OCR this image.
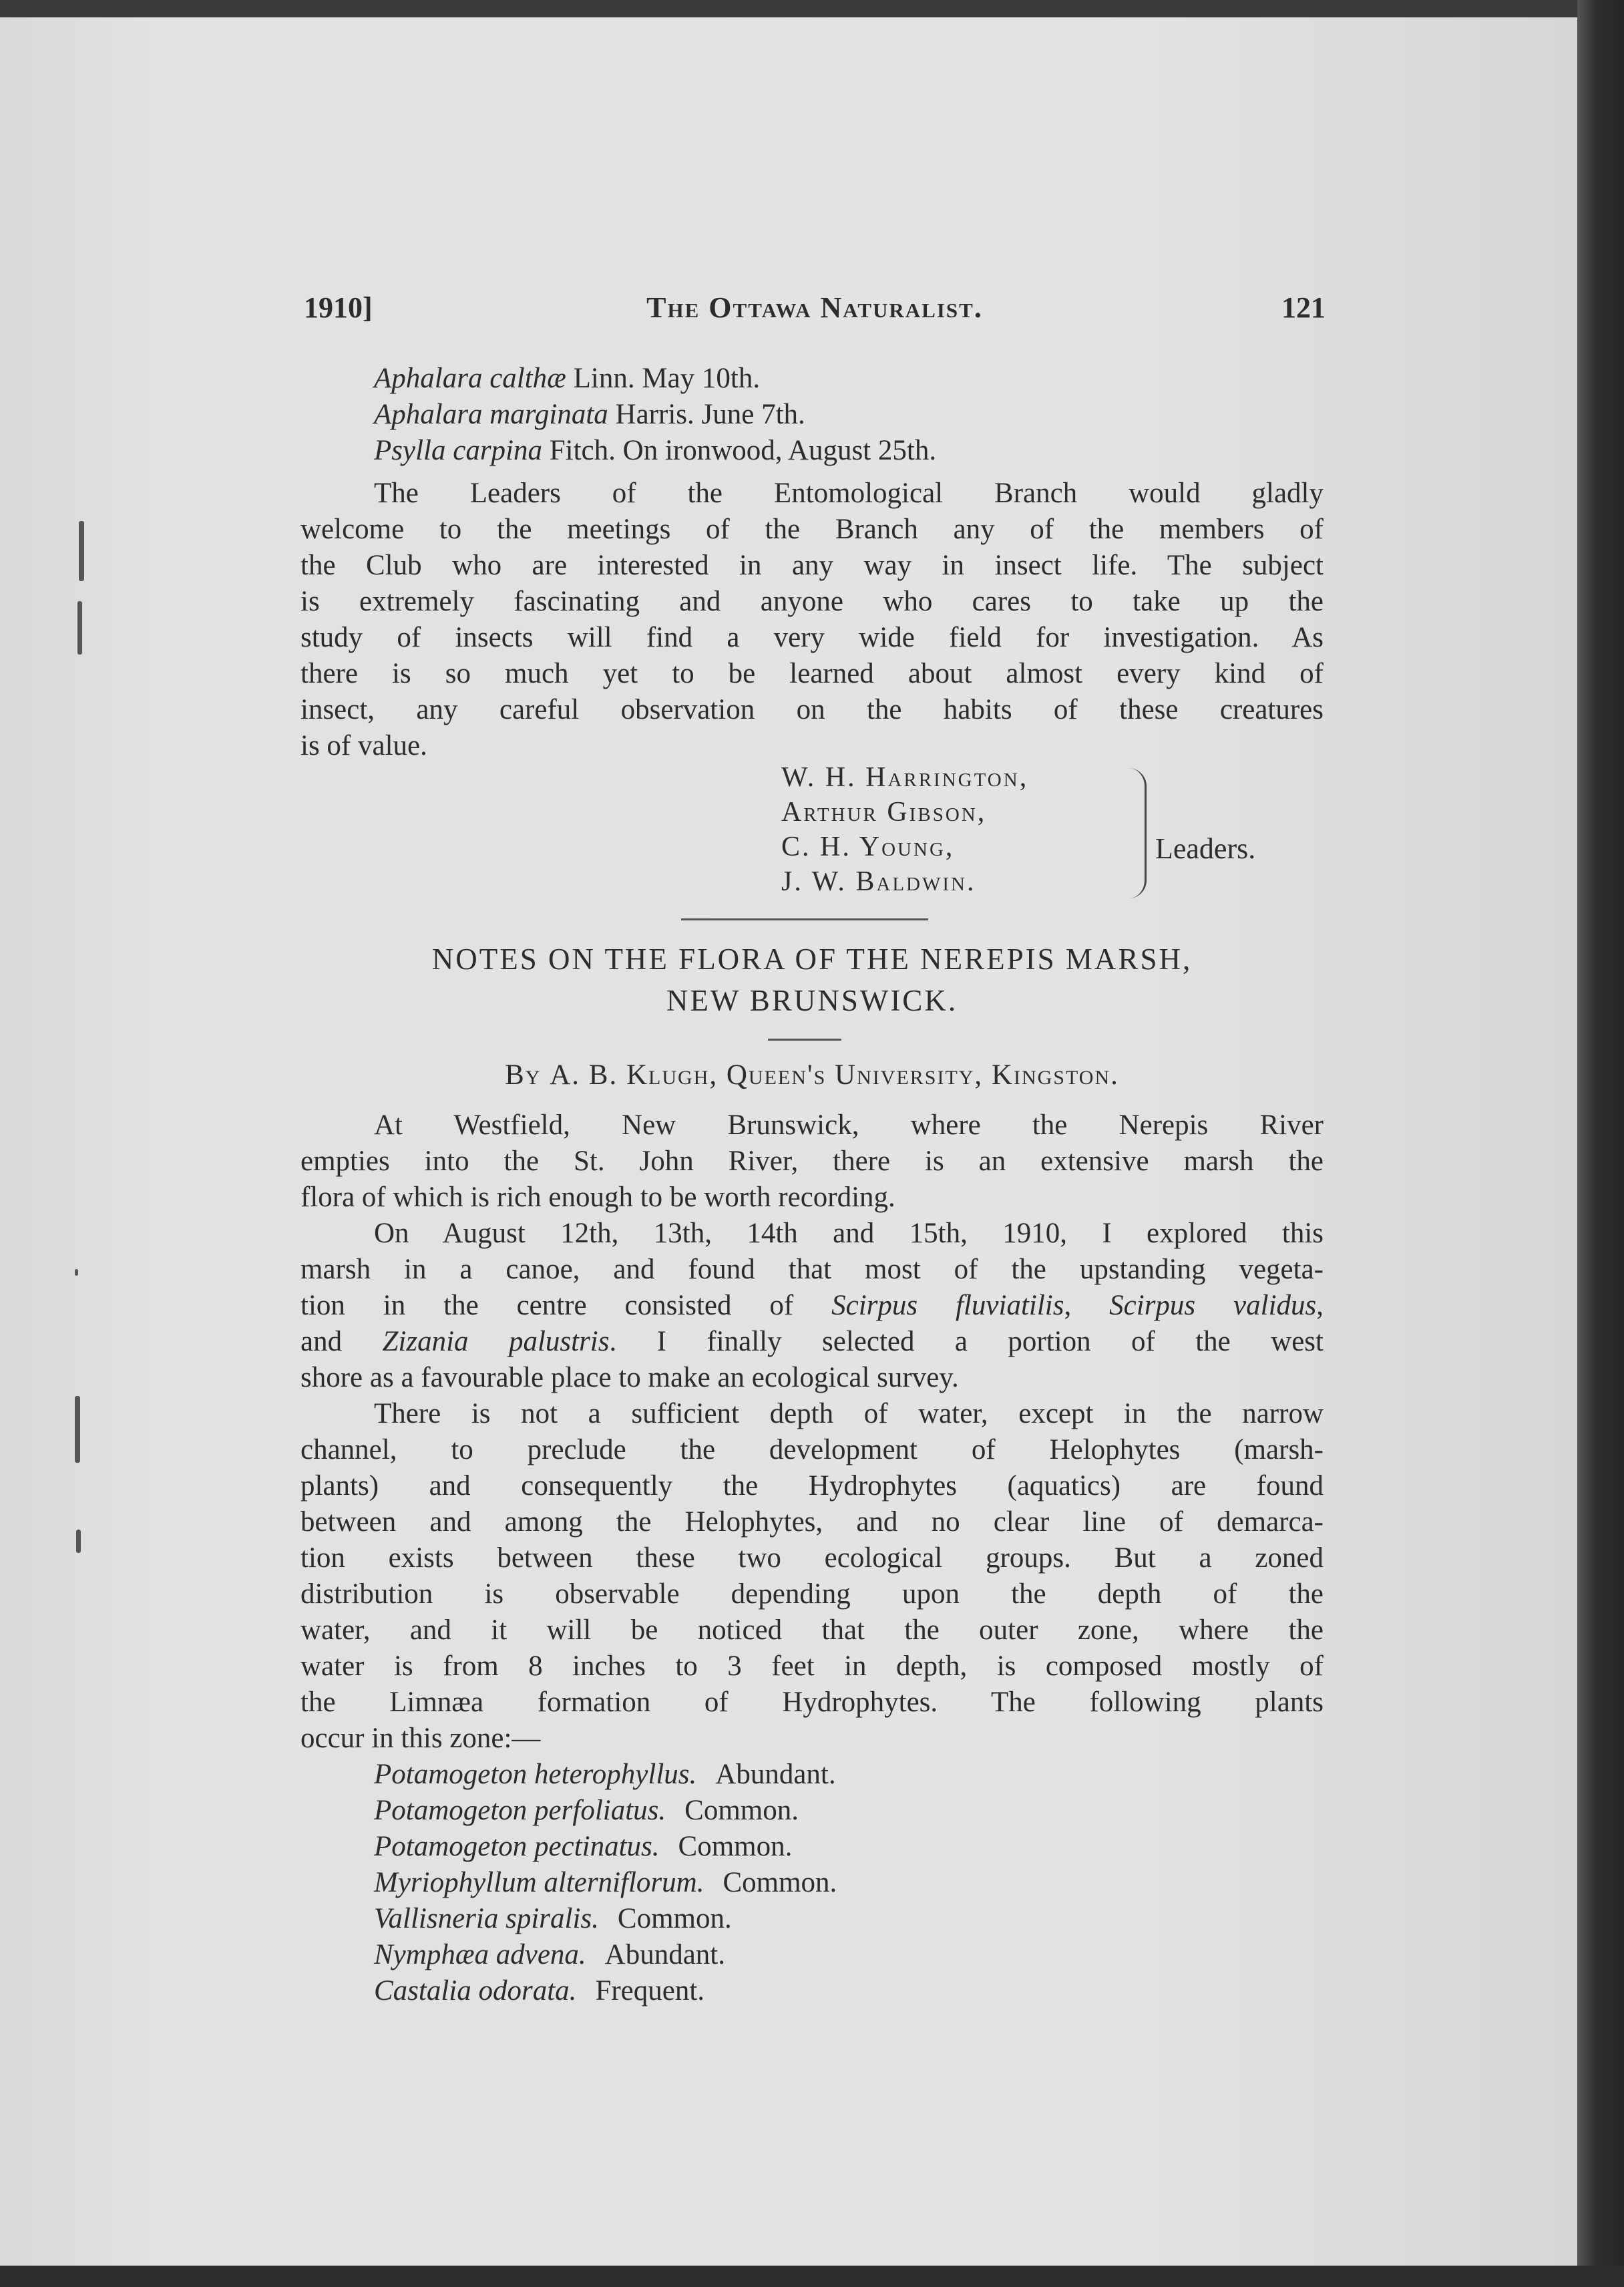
1910]	The Ottawa Naturalist.	121
Aphalara calthæ Linn. May 10th.
Aphalara marginata Harris. June 7th.
Psylla carpina Fitch. On ironwood, August 25th.
The Leaders of the Entomological Branch would gladly
welcome to the meetings of the Branch any of the members of
the Club who are interested in any way in insect life. The subject
is extremely fascinating and anyone who cares to take up the
study of insects will find a very wide field for investigation. As
there is so much yet to be learned about almost every kind of
insect, any careful observation on the habits of these creatures
is of value.
W. H. Harrington,
Arthur Gibson,
C. H. Young,
J. W. Baldwin.
Leaders.
NOTES ON THE FLORA OF THE NEREPIS MARSH,
NEW BRUNSWICK.
By A. B. Klugh, Queen's University, Kingston.
At Westfield, New Brunswick, where the Nerepis River
empties into the St. John River, there is an extensive marsh the
flora of which is rich enough to be worth recording.
On August 12th, 13th, 14th and 15th, 1910, I explored this
marsh in a canoe, and found that most of the upstanding vegeta-
tion in the centre consisted of Scirpus fluviatilis, Scirpus validus,
and Zizania palustris. I finally selected a portion of the west
shore as a favourable place to make an ecological survey.
There is not a sufficient depth of water, except in the narrow
channel, to preclude the development of Helophytes (marsh-
plants) and consequently the Hydrophytes (aquatics) are found
between and among the Helophytes, and no clear line of demarca-
tion exists between these two ecological groups. But a zoned
distribution is observable depending upon the depth of the
water, and it will be noticed that the outer zone, where the
water is from 8 inches to 3 feet in depth, is composed mostly of
the Limnæa formation of Hydrophytes. The following plants
occur in this zone:—
Potamogeton heterophyllus. Abundant.
Potamogeton perfoliatus. Common.
Potamogeton pectinatus. Common.
Myriophyllum alterniflorum. Common.
Vallisneria spiralis. Common.
Nymphæa advena. Abundant.
Castalia odorata. Frequent.
